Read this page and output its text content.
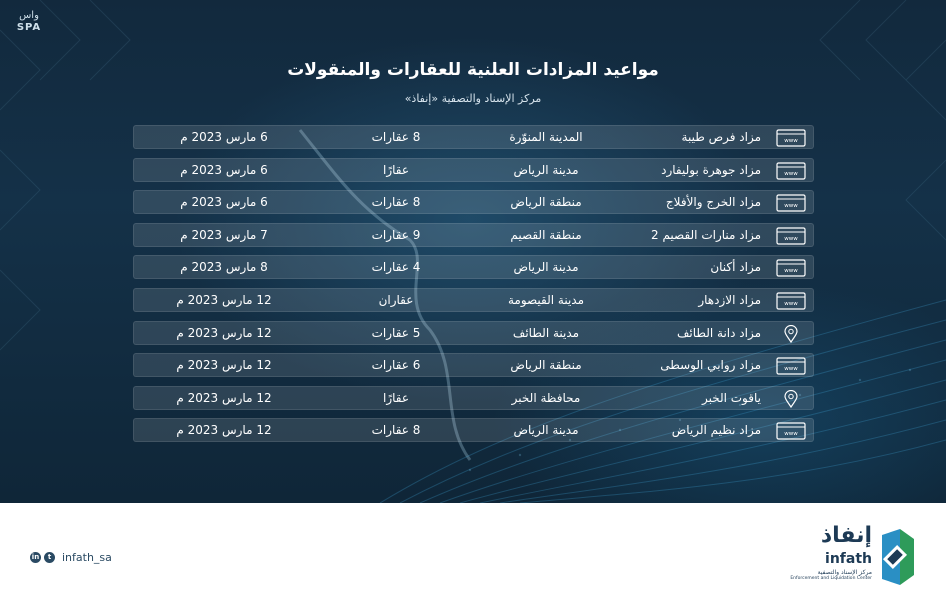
واس
SPA
مواعيد المزادات العلنية للعقارات والمنقولات
مركز الإسناد والتصفية «إنفاذ»
www
مزاد فرص طيبة
المدينة المنوّرة
8 عقارات
6 مارس 2023 م
www
مزاد جوهرة بوليفارد
مدينة الرياض
عقارًا
6 مارس 2023 م
www
مزاد الخرج والأفلاج
منطقة الرياض
8 عقارات
6 مارس 2023 م
www
مزاد منارات القصيم 2
منطقة القصيم
9 عقارات
7 مارس 2023 م
www
مزاد أكنان
مدينة الرياض
4 عقارات
8 مارس 2023 م
www
مزاد الازدهار
مدينة القيصومة
عقاران
12 مارس 2023 م
مزاد دانة الطائف
مدينة الطائف
5 عقارات
12 مارس 2023 م
www
مزاد روابي الوسطى
منطقة الرياض
6 عقارات
12 مارس 2023 م
ياقوت الخبر
محافظة الخبر
عقارًا
12 مارس 2023 م
www
مزاد نظيم الرياض
مدينة الرياض
8 عقارات
12 مارس 2023 م
in	t infath_sa
إنفاذ
infath
مركز الإسناد والتصفية
Enforcement and Liquidation Center
